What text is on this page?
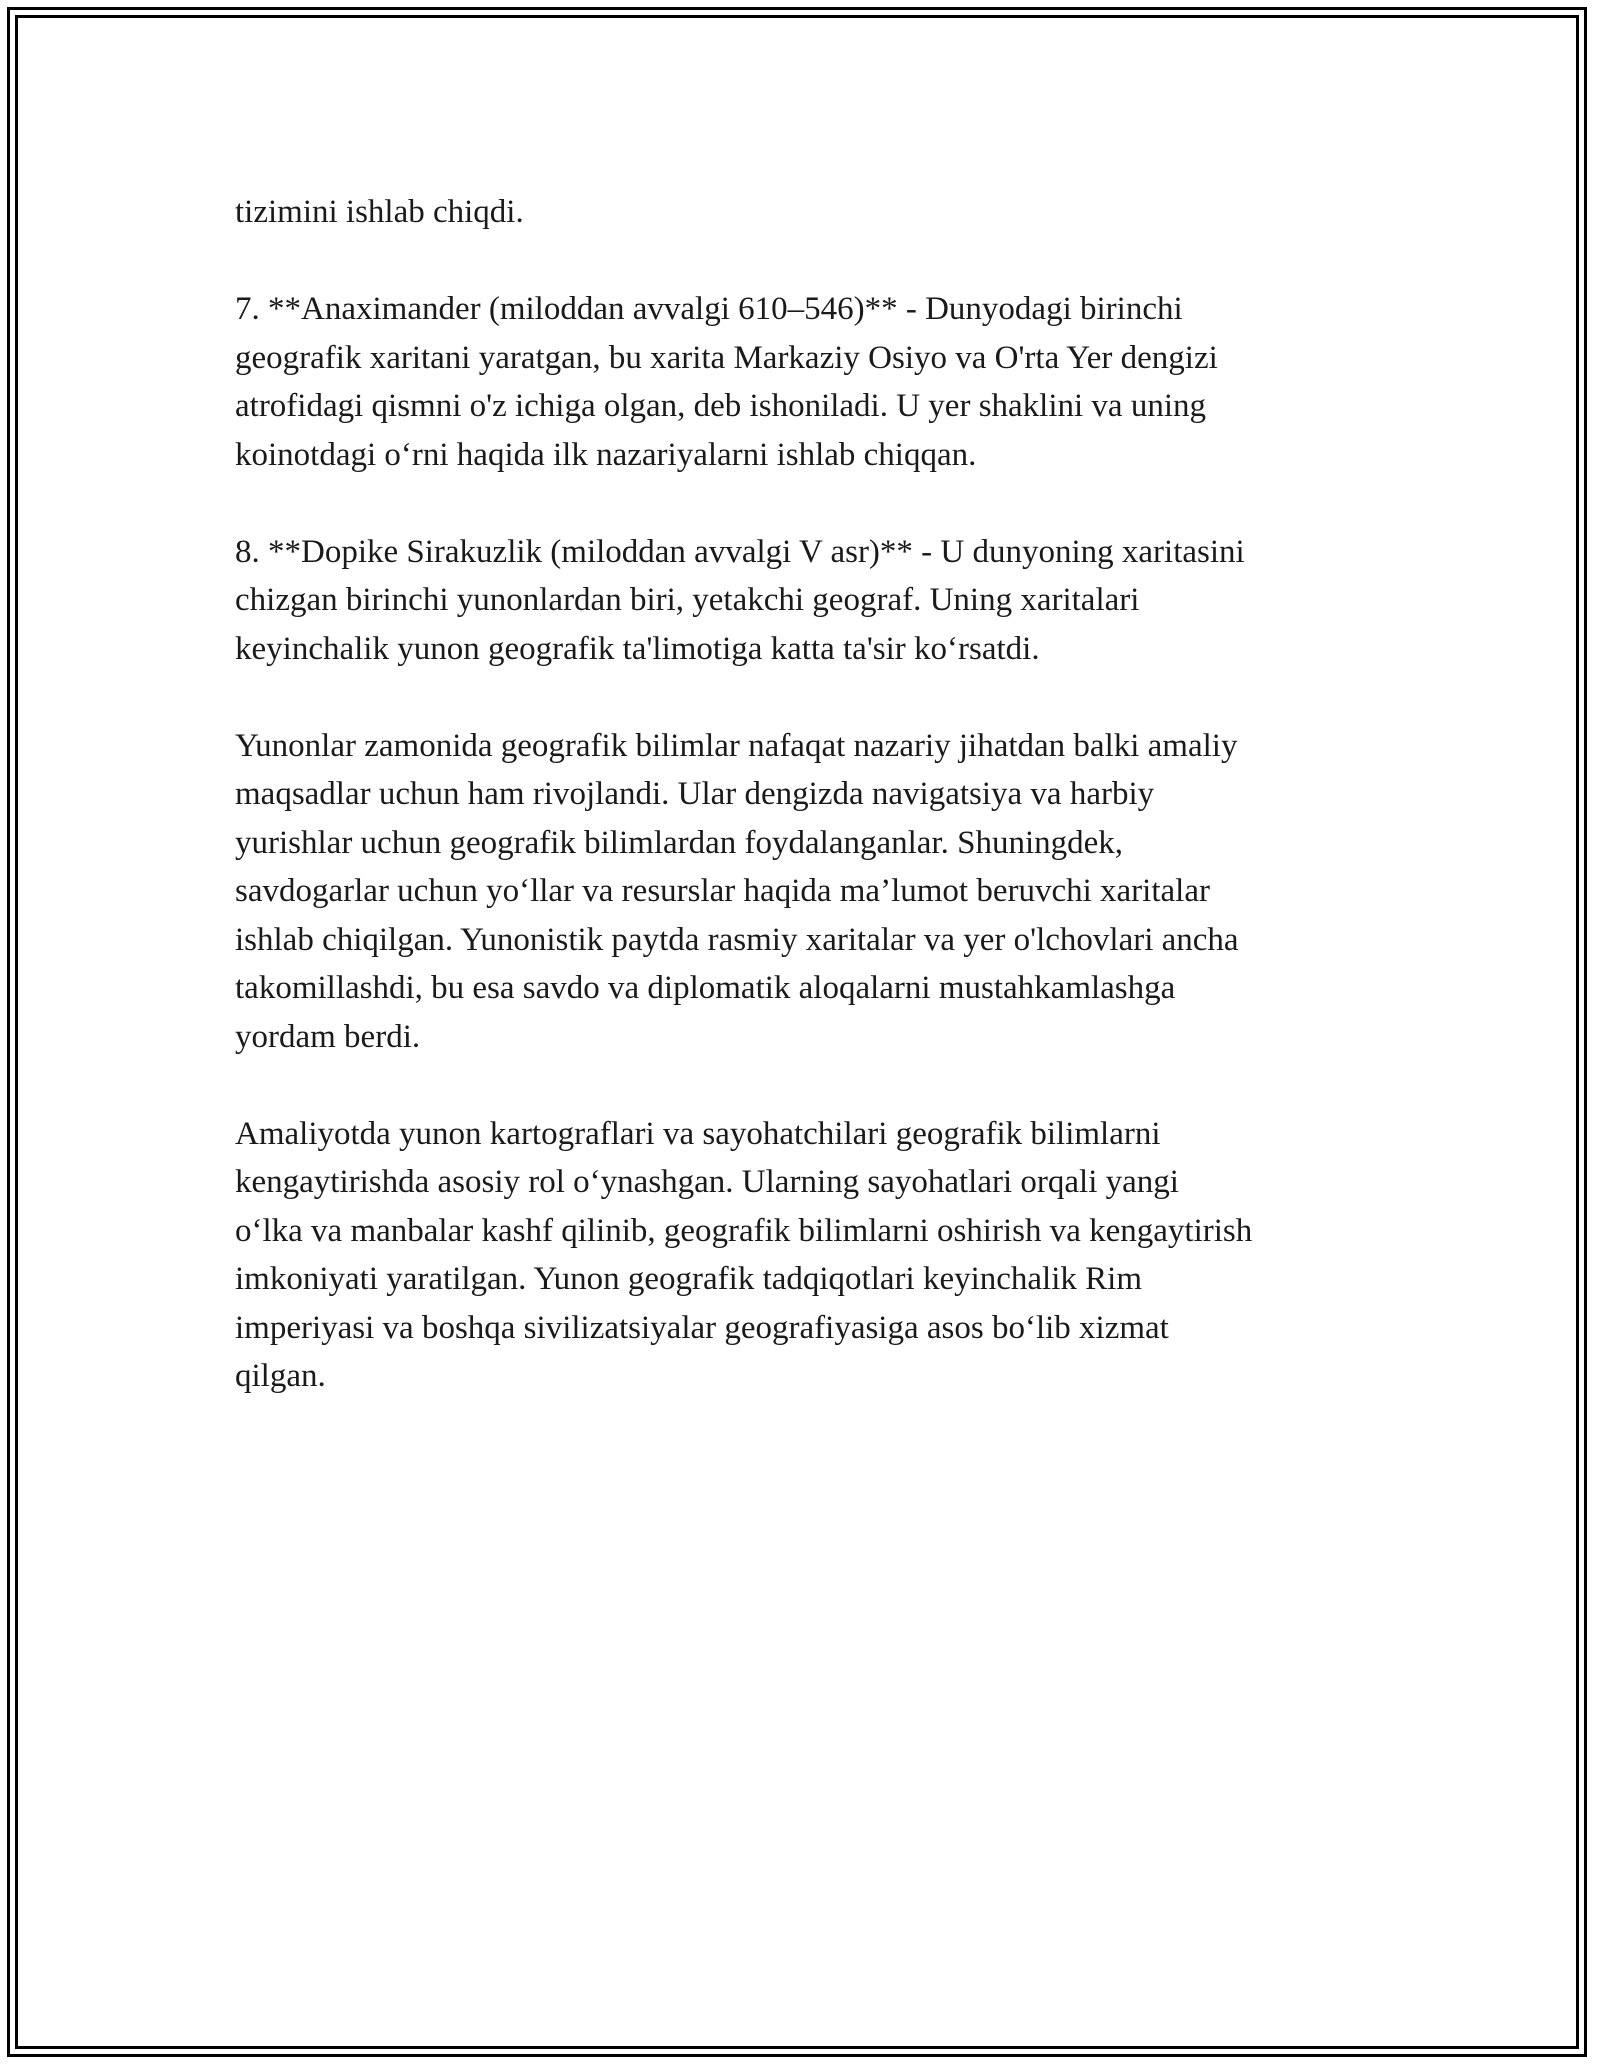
tizimini ishlab chiqdi.
7. **Anaximander (miloddan avvalgi 610–546)** - Dunyodagi birinchi
geografik xaritani yaratgan, bu xarita Markaziy Osiyo va O'rta Yer dengizi
atrofidagi qismni o'z ichiga olgan, deb ishoniladi. U yer shaklini va uning
koinotdagi o‘rni haqida ilk nazariyalarni ishlab chiqqan.
8. **Dopike Sirakuzlik (miloddan avvalgi V asr)** - U dunyoning xaritasini
chizgan birinchi yunonlardan biri, yetakchi geograf. Uning xaritalari
keyinchalik yunon geografik ta'limotiga katta ta'sir ko‘rsatdi.
Yunonlar zamonida geografik bilimlar nafaqat nazariy jihatdan balki amaliy
maqsadlar uchun ham rivojlandi. Ular dengizda navigatsiya va harbiy
yurishlar uchun geografik bilimlardan foydalanganlar. Shuningdek,
savdogarlar uchun yo‘llar va resurslar haqida ma’lumot beruvchi xaritalar
ishlab chiqilgan. Yunonistik paytda rasmiy xaritalar va yer o'lchovlari ancha
takomillashdi, bu esa savdo va diplomatik aloqalarni mustahkamlashga
yordam berdi.
Amaliyotda yunon kartograflari va sayohatchilari geografik bilimlarni
kengaytirishda asosiy rol o‘ynashgan. Ularning sayohatlari orqali yangi
o‘lka va manbalar kashf qilinib, geografik bilimlarni oshirish va kengaytirish
imkoniyati yaratilgan. Yunon geografik tadqiqotlari keyinchalik Rim
imperiyasi va boshqa sivilizatsiyalar geografiyasiga asos bo‘lib xizmat
qilgan.
